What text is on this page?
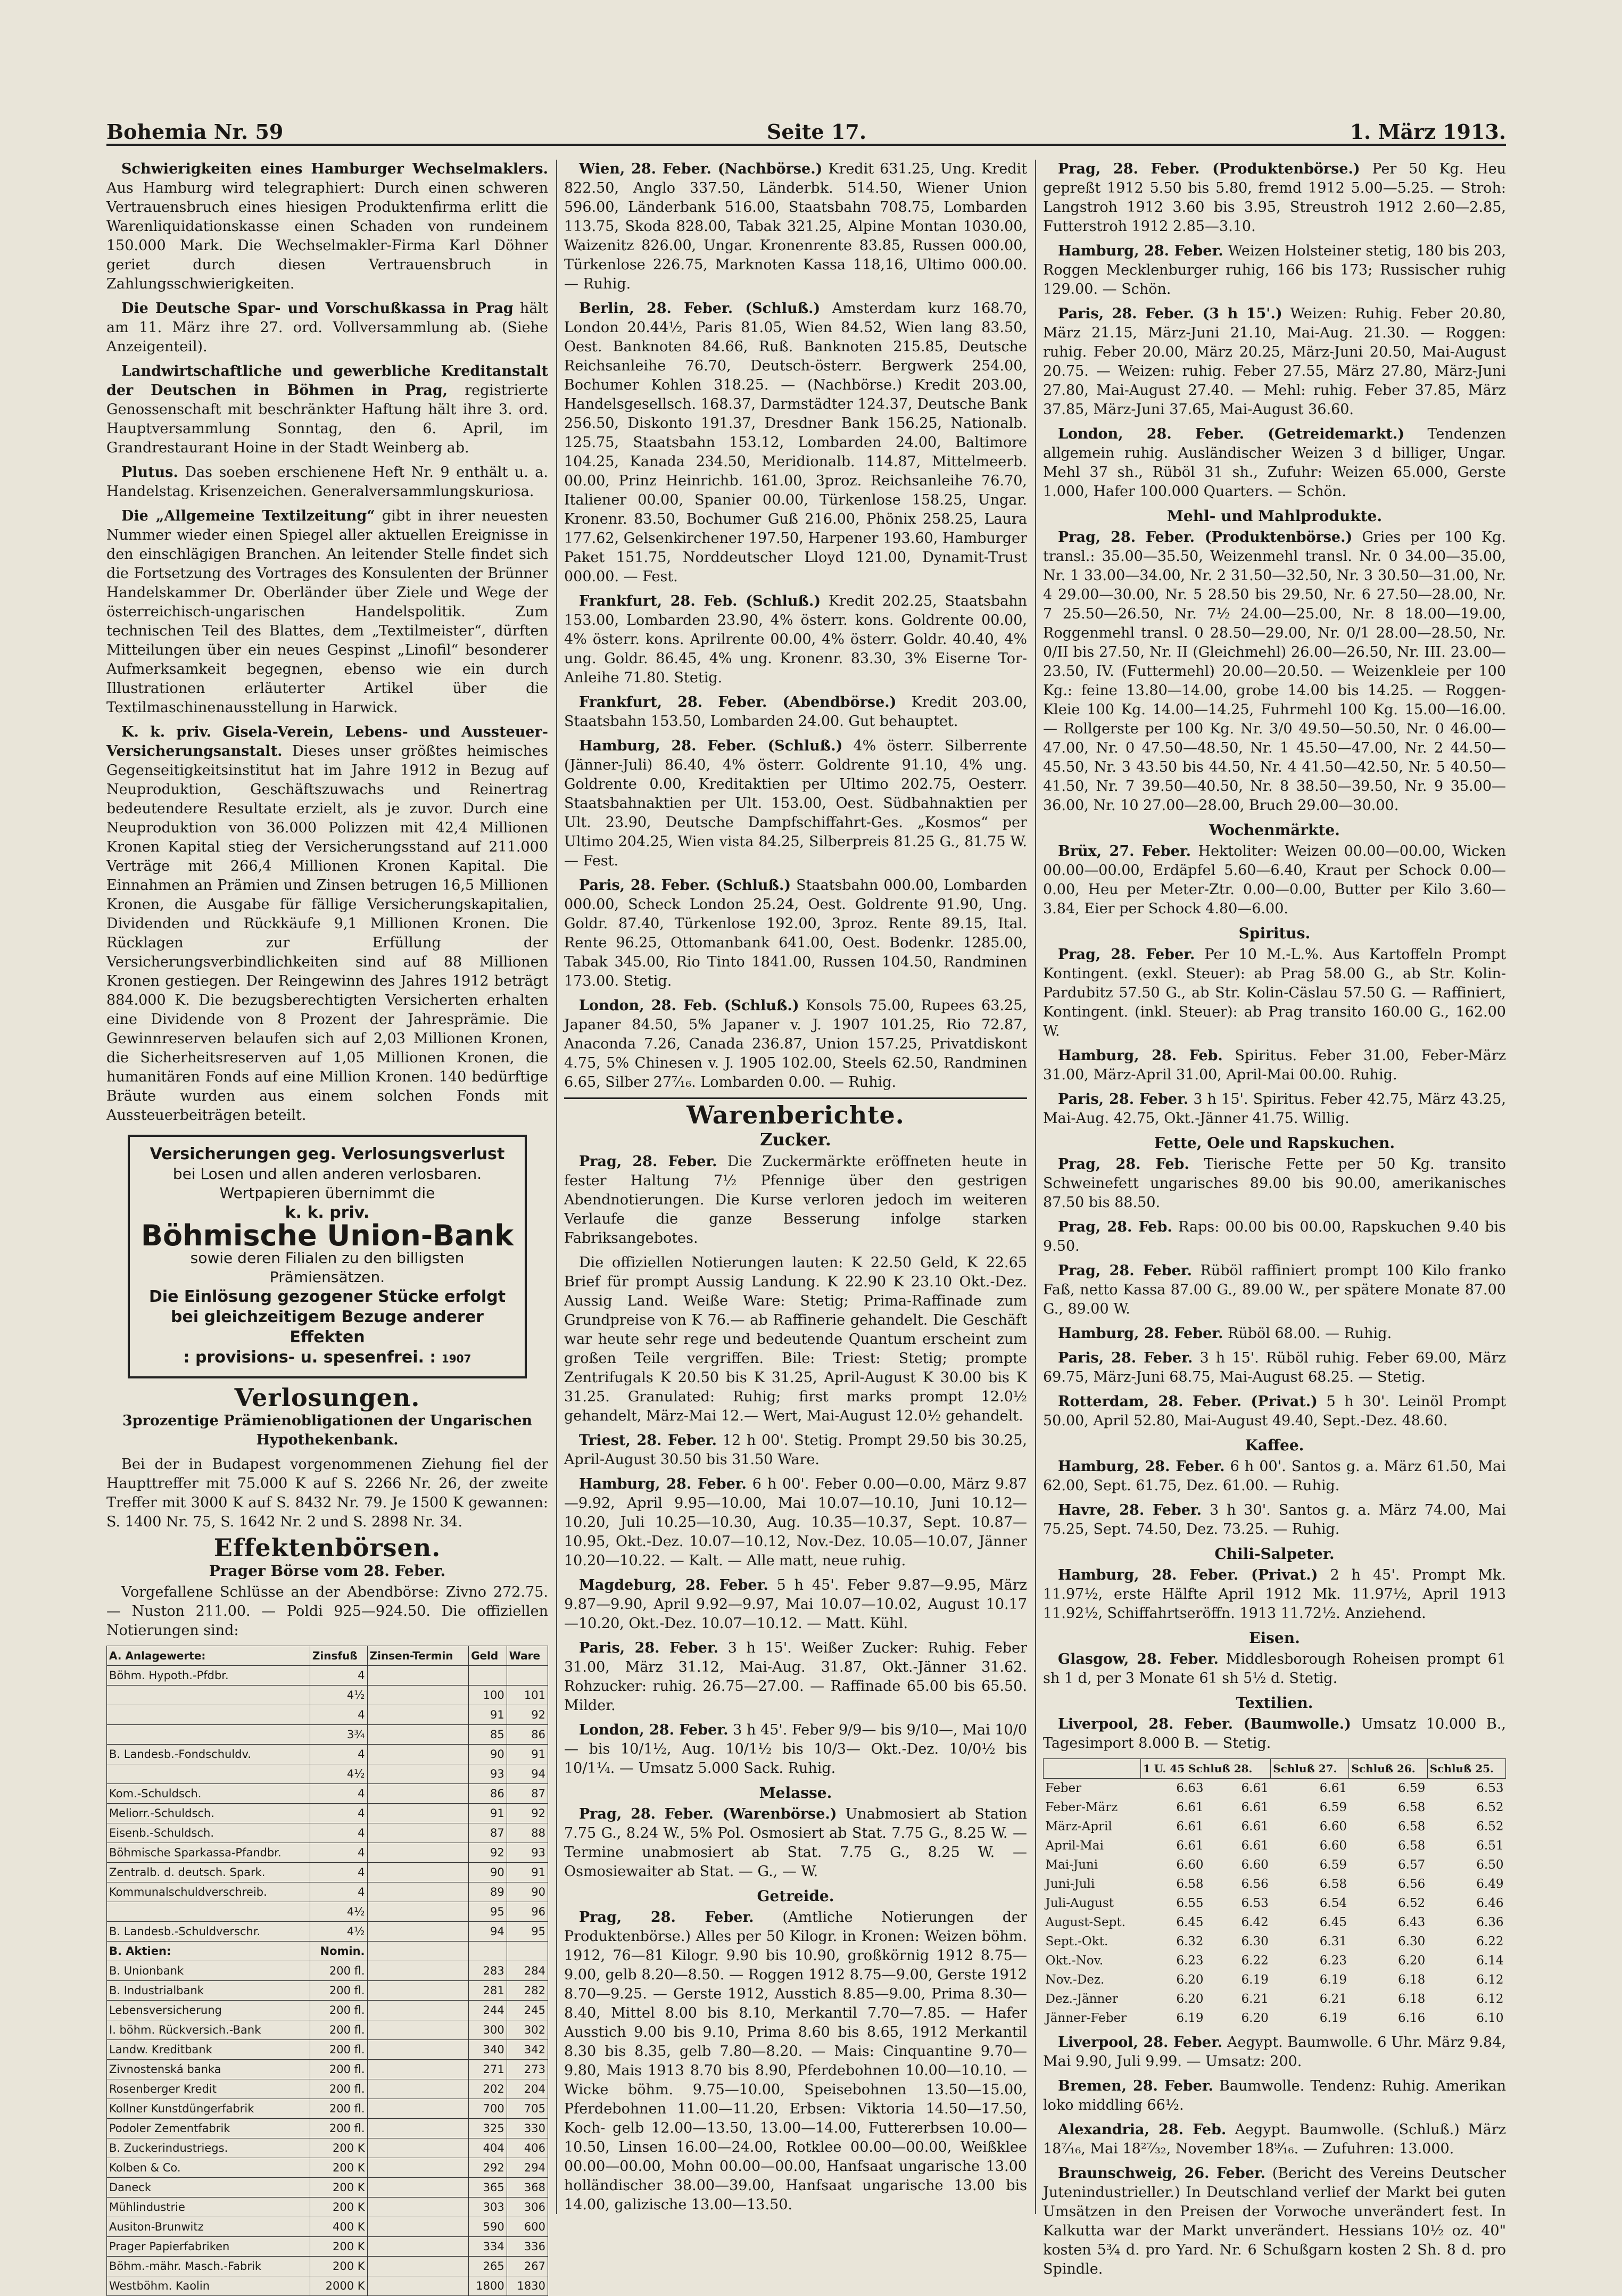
Bohemia Nr. 59	Seite 17.	1. März 1913.

Schwierigkeiten eines Hamburger Wechselmaklers. Aus Hamburg wird telegraphiert: Durch einen schweren Vertrauensbruch eines hiesigen Produktenfirma erlitt die Warenliquidationskasse einen Schaden von rundeinem 150.000 Mark. Die Wechselmakler-Firma Karl Döhner geriet durch diesen Vertrauensbruch in Zahlungsschwierigkeiten.

Die Deutsche Spar- und Vorschußkassa in Prag hält am 11. März ihre 27. ord. Vollversammlung ab. (Siehe Anzeigenteil).

Landwirtschaftliche und gewerbliche Kreditanstalt der Deutschen in Böhmen in Prag, registrierte Genossenschaft mit beschränkter Haftung hält ihre 3. ord. Hauptversammlung Sonntag, den 6. April, im Grandrestaurant Hoine in der Stadt Weinberg ab.

Plutus. Das soeben erschienene Heft Nr. 9 enthält u. a. Handelstag. Krisenzeichen. Generalversammlungskuriosa.

Die „Allgemeine Textilzeitung“ gibt in ihrer neuesten Nummer wieder einen Spiegel aller aktuellen Ereignisse in den einschlägigen Branchen. An leitender Stelle findet sich die Fortsetzung des Vortrages des Konsulenten der Brünner Handelskammer Dr. Oberländer über Ziele und Wege der österreichisch-ungarischen Handelspolitik. Zum technischen Teil des Blattes, dem „Textilmeister“, dürften Mitteilungen über ein neues Gespinst „Linofil“ besonderer Aufmerksamkeit begegnen, ebenso wie ein durch Illustrationen erläuterter Artikel über die Textilmaschinenausstellung in Harwick.

K. k. priv. Gisela-Verein, Lebens- und Aussteuer-Versicherungsanstalt. Dieses unser größtes heimisches Gegenseitigkeitsinstitut hat im Jahre 1912 in Bezug auf Neuproduktion, Geschäftszuwachs und Reinertrag bedeutendere Resultate erzielt, als je zuvor. Durch eine Neuproduktion von 36.000 Polizzen mit 42,4 Millionen Kronen Kapital stieg der Versicherungsstand auf 211.000 Verträge mit 266,4 Millionen Kronen Kapital. Die Einnahmen an Prämien und Zinsen betrugen 16,5 Millionen Kronen, die Ausgabe für fällige Versicherungskapitalien, Dividenden und Rückkäufe 9,1 Millionen Kronen. Die Rücklagen zur Erfüllung der Versicherungsverbindlichkeiten sind auf 88 Millionen Kronen gestiegen. Der Reingewinn des Jahres 1912 beträgt 884.000 K. Die bezugsberechtigten Versicherten erhalten eine Dividende von 8 Prozent der Jahresprämie. Die Gewinnreserven belaufen sich auf 2,03 Millionen Kronen, die Sicherheitsreserven auf 1,05 Millionen Kronen, die humanitären Fonds auf eine Million Kronen. 140 bedürftige Bräute wurden aus einem solchen Fonds mit Aussteuerbeiträgen beteilt.

Versicherungen geg. Verlosungsverlust
bei Losen und allen anderen verlosbaren. Wertpapieren übernimmt die
k. k. priv.
Böhmische Union-Bank
sowie deren Filialen zu den billigsten Prämiensätzen.
Die Einlösung gezogener Stücke erfolgt bei gleichzeitigem Bezuge anderer Effekten
: provisions- u. spesenfrei. : 1907
Verlosungen.

3prozentige Prämienobligationen der Ungarischen Hypothekenbank.

Bei der in Budapest vorgenommenen Ziehung fiel der Haupttreffer mit 75.000 K auf S. 2266 Nr. 26, der zweite Treffer mit 3000 K auf S. 8432 Nr. 79. Je 1500 K gewannen: S. 1400 Nr. 75, S. 1642 Nr. 2 und S. 2898 Nr. 34.

Effektenbörsen.
Prager Börse vom 28. Feber.

Vorgefallene Schlüsse an der Abendbörse: Zivno 272.75. — Nuston 211.00. — Poldi 925—924.50. Die offiziellen Notierungen sind:

A. Anlagewerte:	Zinsfuß	Zinsen-Termin	Geld	Ware
Böhm. Hypoth.-Pfdbr.	4			
	4½		100	101
	4		91	92
	3¾		85	86
B. Landesb.-Fondschuldv.	4		90	91
	4½		93	94
Kom.-Schuldsch.	4		86	87
Meliorr.-Schuldsch.	4		91	92
Eisenb.-Schuldsch.	4		87	88
Böhmische Sparkassa-Pfandbr.	4		92	93
Zentralb. d. deutsch. Spark.	4		90	91
Kommunalschuldverschreib.	4		89	90
	4½		95	96
B. Landesb.-Schuldverschr.	4½		94	95
B. Aktien:	Nomin.			
B. Unionbank	200 fl.		283	284
B. Industrialbank	200 fl.		281	282
Lebensversicherung	200 fl.		244	245
I. böhm. Rückversich.-Bank	200 fl.		300	302
Landw. Kreditbank	200 fl.		340	342
Zivnostenská banka	200 fl.		271	273
Rosenberger Kredit	200 fl.		202	204
Kollner Kunstdüngerfabrik	200 fl.		700	705
Podoler Zementfabrik	200 fl.		325	330
B. Zuckerindustriegs.	200 K		404	406
Kolben & Co.	200 K		292	294
Daneck	200 K		365	368
Mühlindustrie	200 K		303	306
Ausiton-Brunwitz	400 K		590	600
Prager Papierfabriken	200 K		334	336
Böhm.-mähr. Masch.-Fabrik	200 K		265	267
Westböhm. Kaolin	2000 K		1800	1830

Wien, 28. Feber. (Nachbörse.) Kredit 631.25, Ung. Kredit 822.50, Anglo 337.50, Länderbk. 514.50, Wiener Union 596.00, Länderbank 516.00, Staatsbahn 708.75, Lombarden 113.75, Skoda 828.00, Tabak 321.25, Alpine Montan 1030.00, Waizenitz 826.00, Ungar. Kronenrente 83.85, Russen 000.00, Türkenlose 226.75, Marknoten Kassa 118,16, Ultimo 000.00. — Ruhig.

Berlin, 28. Feber. (Schluß.) Amsterdam kurz 168.70, London 20.44½, Paris 81.05, Wien 84.52, Wien lang 83.50, Oest. Banknoten 84.66, Ruß. Banknoten 215.85, Deutsche Reichsanleihe 76.70, Deutsch-österr. Bergwerk 254.00, Bochumer Kohlen 318.25. — (Nachbörse.) Kredit 203.00, Handelsgesellsch. 168.37, Darmstädter 124.37, Deutsche Bank 256.50, Diskonto 191.37, Dresdner Bank 156.25, Nationalb. 125.75, Staatsbahn 153.12, Lombarden 24.00, Baltimore 104.25, Kanada 234.50, Meridionalb. 114.87, Mittelmeerb. 00.00, Prinz Heinrichb. 161.00, 3proz. Reichsanleihe 76.70, Italiener 00.00, Spanier 00.00, Türkenlose 158.25, Ungar. Kronenr. 83.50, Bochumer Guß 216.00, Phönix 258.25, Laura 177.62, Gelsenkirchener 197.50, Harpener 193.60, Hamburger Paket 151.75, Norddeutscher Lloyd 121.00, Dynamit-Trust 000.00. — Fest.

Frankfurt, 28. Feb. (Schluß.) Kredit 202.25, Staatsbahn 153.00, Lombarden 23.90, 4% österr. kons. Goldrente 00.00, 4% österr. kons. Aprilrente 00.00, 4% österr. Goldr. 40.40, 4% ung. Goldr. 86.45, 4% ung. Kronenr. 83.30, 3% Eiserne Tor-Anleihe 71.80. Stetig.

Frankfurt, 28. Feber. (Abendbörse.) Kredit 203.00, Staatsbahn 153.50, Lombarden 24.00. Gut behauptet.

Hamburg, 28. Feber. (Schluß.) 4% österr. Silberrente (Jänner-Juli) 86.40, 4% österr. Goldrente 91.10, 4% ung. Goldrente 0.00, Kreditaktien per Ultimo 202.75, Oesterr. Staatsbahnaktien per Ult. 153.00, Oest. Südbahnaktien per Ult. 23.90, Deutsche Dampfschiffahrt-Ges. „Kosmos“ per Ultimo 204.25, Wien vista 84.25, Silberpreis 81.25 G., 81.75 W. — Fest.

Paris, 28. Feber. (Schluß.) Staatsbahn 000.00, Lombarden 000.00, Scheck London 25.24, Oest. Goldrente 91.90, Ung. Goldr. 87.40, Türkenlose 192.00, 3proz. Rente 89.15, Ital. Rente 96.25, Ottomanbank 641.00, Oest. Bodenkr. 1285.00, Tabak 345.00, Rio Tinto 1841.00, Russen 104.50, Randminen 173.00. Stetig.

London, 28. Feb. (Schluß.) Konsols 75.00, Rupees 63.25, Japaner 84.50, 5% Japaner v. J. 1907 101.25, Rio 72.87, Anaconda 7.26, Canada 236.87, Union 157.25, Privatdiskont 4.75, 5% Chinesen v. J. 1905 102.00, Steels 62.50, Randminen 6.65, Silber 27⁷⁄₁₆. Lombarden 0.00. — Ruhig.

Warenberichte.
Zucker.

Prag, 28. Feber. Die Zuckermärkte eröffneten heute in fester Haltung 7½ Pfennige über den gestrigen Abendnotierungen. Die Kurse verloren jedoch im weiteren Verlaufe die ganze Besserung infolge starken Fabriksangebotes.

Die offiziellen Notierungen lauten: K 22.50 Geld, K 22.65 Brief für prompt Aussig Landung. K 22.90 K 23.10 Okt.-Dez. Aussig Land. Weiße Ware: Stetig; Prima-Raffinade zum Grundpreise von K 76.— ab Raffinerie gehandelt. Die Geschäft war heute sehr rege und bedeutende Quantum erscheint zum großen Teile vergriffen. Bile: Triest: Stetig; prompte Zentrifugals K 20.50 bis K 31.25, April-August K 30.00 bis K 31.25. Granulated: Ruhig; first marks prompt 12.0½ gehandelt, März-Mai 12.— Wert, Mai-August 12.0½ gehandelt.

Triest, 28. Feber. 12 h 00'. Stetig. Prompt 29.50 bis 30.25, April-August 30.50 bis 31.50 Ware.

Hamburg, 28. Feber. 6 h 00'. Feber 0.00—0.00, März 9.87—9.92, April 9.95—10.00, Mai 10.07—10.10, Juni 10.12—10.20, Juli 10.25—10.30, Aug. 10.35—10.37, Sept. 10.87—10.95, Okt.-Dez. 10.07—10.12, Nov.-Dez. 10.05—10.07, Jänner 10.20—10.22. — Kalt. — Alle matt, neue ruhig.

Magdeburg, 28. Feber. 5 h 45'. Feber 9.87—9.95, März 9.87—9.90, April 9.92—9.97, Mai 10.07—10.02, August 10.17—10.20, Okt.-Dez. 10.07—10.12. — Matt. Kühl.

Paris, 28. Feber. 3 h 15'. Weißer Zucker: Ruhig. Feber 31.00, März 31.12, Mai-Aug. 31.87, Okt.-Jänner 31.62. Rohzucker: ruhig. 26.75—27.00. — Raffinade 65.00 bis 65.50. Milder.

London, 28. Feber. 3 h 45'. Feber 9/9— bis 9/10—, Mai 10/0— bis 10/1½, Aug. 10/1½ bis 10/3— Okt.-Dez. 10/0½ bis 10/1¼. — Umsatz 5.000 Sack. Ruhig.

Melasse.

Prag, 28. Feber. (Warenbörse.) Unabmosiert ab Station 7.75 G., 8.24 W., 5% Pol. Osmosiert ab Stat. 7.75 G., 8.25 W. — Termine unabmosiert ab Stat. 7.75 G., 8.25 W. — Osmosiewaiter ab Stat. — G., — W.

Getreide.

Prag, 28. Feber. (Amtliche Notierungen der Produktenbörse.) Alles per 50 Kilogr. in Kronen: Weizen böhm. 1912, 76—81 Kilogr. 9.90 bis 10.90, großkörnig 1912 8.75—9.00, gelb 8.20—8.50. — Roggen 1912 8.75—9.00, Gerste 1912 8.70—9.25. — Gerste 1912, Ausstich 8.85—9.00, Prima 8.30—8.40, Mittel 8.00 bis 8.10, Merkantil 7.70—7.85. — Hafer Ausstich 9.00 bis 9.10, Prima 8.60 bis 8.65, 1912 Merkantil 8.30 bis 8.35, gelb 7.80—8.20. — Mais: Cinquantine 9.70—9.80, Mais 1913 8.70 bis 8.90, Pferdebohnen 10.00—10.10. — Wicke böhm. 9.75—10.00, Speisebohnen 13.50—15.00, Pferdebohnen 11.00—11.20, Erbsen: Viktoria 14.50—17.50, Koch- gelb 12.00—13.50, 13.00—14.00, Futtererbsen 10.00—10.50, Linsen 16.00—24.00, Rotklee 00.00—00.00, Weißklee 00.00—00.00, Mohn 00.00—00.00, Hanfsaat ungarische 13.00 holländischer 38.00—39.00, Hanfsaat ungarische 13.00 bis 14.00, galizische 13.00—13.50.

Prag, 28. Feber. (Produktenbörse.) Per 50 Kg. Heu gepreßt 1912 5.50 bis 5.80, fremd 1912 5.00—5.25. — Stroh: Langstroh 1912 3.60 bis 3.95, Streustroh 1912 2.60—2.85, Futterstroh 1912 2.85—3.10.

Hamburg, 28. Feber. Weizen Holsteiner stetig, 180 bis 203, Roggen Mecklenburger ruhig, 166 bis 173; Russischer ruhig 129.00. — Schön.

Paris, 28. Feber. (3 h 15'.) Weizen: Ruhig. Feber 20.80, März 21.15, März-Juni 21.10, Mai-Aug. 21.30. — Roggen: ruhig. Feber 20.00, März 20.25, März-Juni 20.50, Mai-August 20.75. — Weizen: ruhig. Feber 27.55, März 27.80, März-Juni 27.80, Mai-August 27.40. — Mehl: ruhig. Feber 37.85, März 37.85, März-Juni 37.65, Mai-August 36.60.

London, 28. Feber. (Getreidemarkt.) Tendenzen allgemein ruhig. Ausländischer Weizen 3 d billiger, Ungar. Mehl 37 sh., Rüböl 31 sh., Zufuhr: Weizen 65.000, Gerste 1.000, Hafer 100.000 Quarters. — Schön.

Mehl- und Mahlprodukte.

Prag, 28. Feber. (Produktenbörse.) Gries per 100 Kg. transl.: 35.00—35.50, Weizenmehl transl. Nr. 0 34.00—35.00, Nr. 1 33.00—34.00, Nr. 2 31.50—32.50, Nr. 3 30.50—31.00, Nr. 4 29.00—30.00, Nr. 5 28.50 bis 29.50, Nr. 6 27.50—28.00, Nr. 7 25.50—26.50, Nr. 7½ 24.00—25.00, Nr. 8 18.00—19.00, Roggenmehl transl. 0 28.50—29.00, Nr. 0/1 28.00—28.50, Nr. 0/II bis 27.50, Nr. II (Gleichmehl) 26.00—26.50, Nr. III. 23.00—23.50, IV. (Futtermehl) 20.00—20.50. — Weizenkleie per 100 Kg.: feine 13.80—14.00, grobe 14.00 bis 14.25. — Roggen-Kleie 100 Kg. 14.00—14.25, Fuhrmehl 100 Kg. 15.00—16.00. — Rollgerste per 100 Kg. Nr. 3/0 49.50—50.50, Nr. 0 46.00—47.00, Nr. 0 47.50—48.50, Nr. 1 45.50—47.00, Nr. 2 44.50—45.50, Nr. 3 43.50 bis 44.50, Nr. 4 41.50—42.50, Nr. 5 40.50—41.50, Nr. 7 39.50—40.50, Nr. 8 38.50—39.50, Nr. 9 35.00—36.00, Nr. 10 27.00—28.00, Bruch 29.00—30.00.

Wochenmärkte.

Brüx, 27. Feber. Hektoliter: Weizen 00.00—00.00, Wicken 00.00—00.00, Erdäpfel 5.60—6.40, Kraut per Schock 0.00—0.00, Heu per Meter-Ztr. 0.00—0.00, Butter per Kilo 3.60—3.84, Eier per Schock 4.80—6.00.

Spiritus.

Prag, 28. Feber. Per 10 M.-L.%. Aus Kartoffeln Prompt Kontingent. (exkl. Steuer): ab Prag 58.00 G., ab Str. Kolin-Pardubitz 57.50 G., ab Str. Kolin-Cäslau 57.50 G. — Raffiniert, Kontingent. (inkl. Steuer): ab Prag transito 160.00 G., 162.00 W.

Hamburg, 28. Feb. Spiritus. Feber 31.00, Feber-März 31.00, März-April 31.00, April-Mai 00.00. Ruhig.

Paris, 28. Feber. 3 h 15'. Spiritus. Feber 42.75, März 43.25, Mai-Aug. 42.75, Okt.-Jänner 41.75. Willig.

Fette, Oele und Rapskuchen.

Prag, 28. Feb. Tierische Fette per 50 Kg. transito Schweinefett ungarisches 89.00 bis 90.00, amerikanisches 87.50 bis 88.50.

Prag, 28. Feb. Raps: 00.00 bis 00.00, Rapskuchen 9.40 bis 9.50.

Prag, 28. Feber. Rüböl raffiniert prompt 100 Kilo franko Faß, netto Kassa 87.00 G., 89.00 W., per spätere Monate 87.00 G., 89.00 W.

Hamburg, 28. Feber. Rüböl 68.00. — Ruhig.

Paris, 28. Feber. 3 h 15'. Rüböl ruhig. Feber 69.00, März 69.75, März-Juni 68.75, Mai-August 68.25. — Stetig.

Rotterdam, 28. Feber. (Privat.) 5 h 30'. Leinöl Prompt 50.00, April 52.80, Mai-August 49.40, Sept.-Dez. 48.60.

Kaffee.

Hamburg, 28. Feber. 6 h 00'. Santos g. a. März 61.50, Mai 62.00, Sept. 61.75, Dez. 61.00. — Ruhig.

Havre, 28. Feber. 3 h 30'. Santos g. a. März 74.00, Mai 75.25, Sept. 74.50, Dez. 73.25. — Ruhig.

Chili-Salpeter.

Hamburg, 28. Feber. (Privat.) 2 h 45'. Prompt Mk. 11.97½, erste Hälfte April 1912 Mk. 11.97½, April 1913 11.92½, Schiffahrtseröffn. 1913 11.72½. Anziehend.

Eisen.

Glasgow, 28. Feber. Middlesborough Roheisen prompt 61 sh 1 d, per 3 Monate 61 sh 5½ d. Stetig.

Textilien.

Liverpool, 28. Feber. (Baumwolle.) Umsatz 10.000 B., Tagesimport 8.000 B. — Stetig.

	1 U. 45 Schluß 28.		Schluß 27.	Schluß 26.	Schluß 25.
Feber	6.63	6.61	6.61	6.59	6.53
Feber-März	6.61	6.61	6.59	6.58	6.52
März-April	6.61	6.61	6.60	6.58	6.52
April-Mai	6.61	6.61	6.60	6.58	6.51
Mai-Juni	6.60	6.60	6.59	6.57	6.50
Juni-Juli	6.58	6.56	6.58	6.56	6.49
Juli-August	6.55	6.53	6.54	6.52	6.46
August-Sept.	6.45	6.42	6.45	6.43	6.36
Sept.-Okt.	6.32	6.30	6.31	6.30	6.22
Okt.-Nov.	6.23	6.22	6.23	6.20	6.14
Nov.-Dez.	6.20	6.19	6.19	6.18	6.12
Dez.-Jänner	6.20	6.21	6.21	6.18	6.12
Jänner-Feber	6.19	6.20	6.19	6.16	6.10

Liverpool, 28. Feber. Aegypt. Baumwolle. 6 Uhr. März 9.84, Mai 9.90, Juli 9.99. — Umsatz: 200.

Bremen, 28. Feber. Baumwolle. Tendenz: Ruhig. Amerikan loko middling 66½.

Alexandria, 28. Feb. Aegypt. Baumwolle. (Schluß.) März 18⁷⁄₁₆, Mai 18²⁷⁄₃₂, November 18⁹⁄₁₆. — Zufuhren: 13.000.

Braunschweig, 26. Feber. (Bericht des Vereins Deutscher Jutenindustrieller.) In Deutschland verlief der Markt bei guten Umsätzen in den Preisen der Vorwoche unverändert fest. In Kalkutta war der Markt unverändert. Hessians 10½ oz. 40" kosten 5¾ d. pro Yard. Nr. 6 Schußgarn kosten 2 Sh. 8 d. pro Spindle.
